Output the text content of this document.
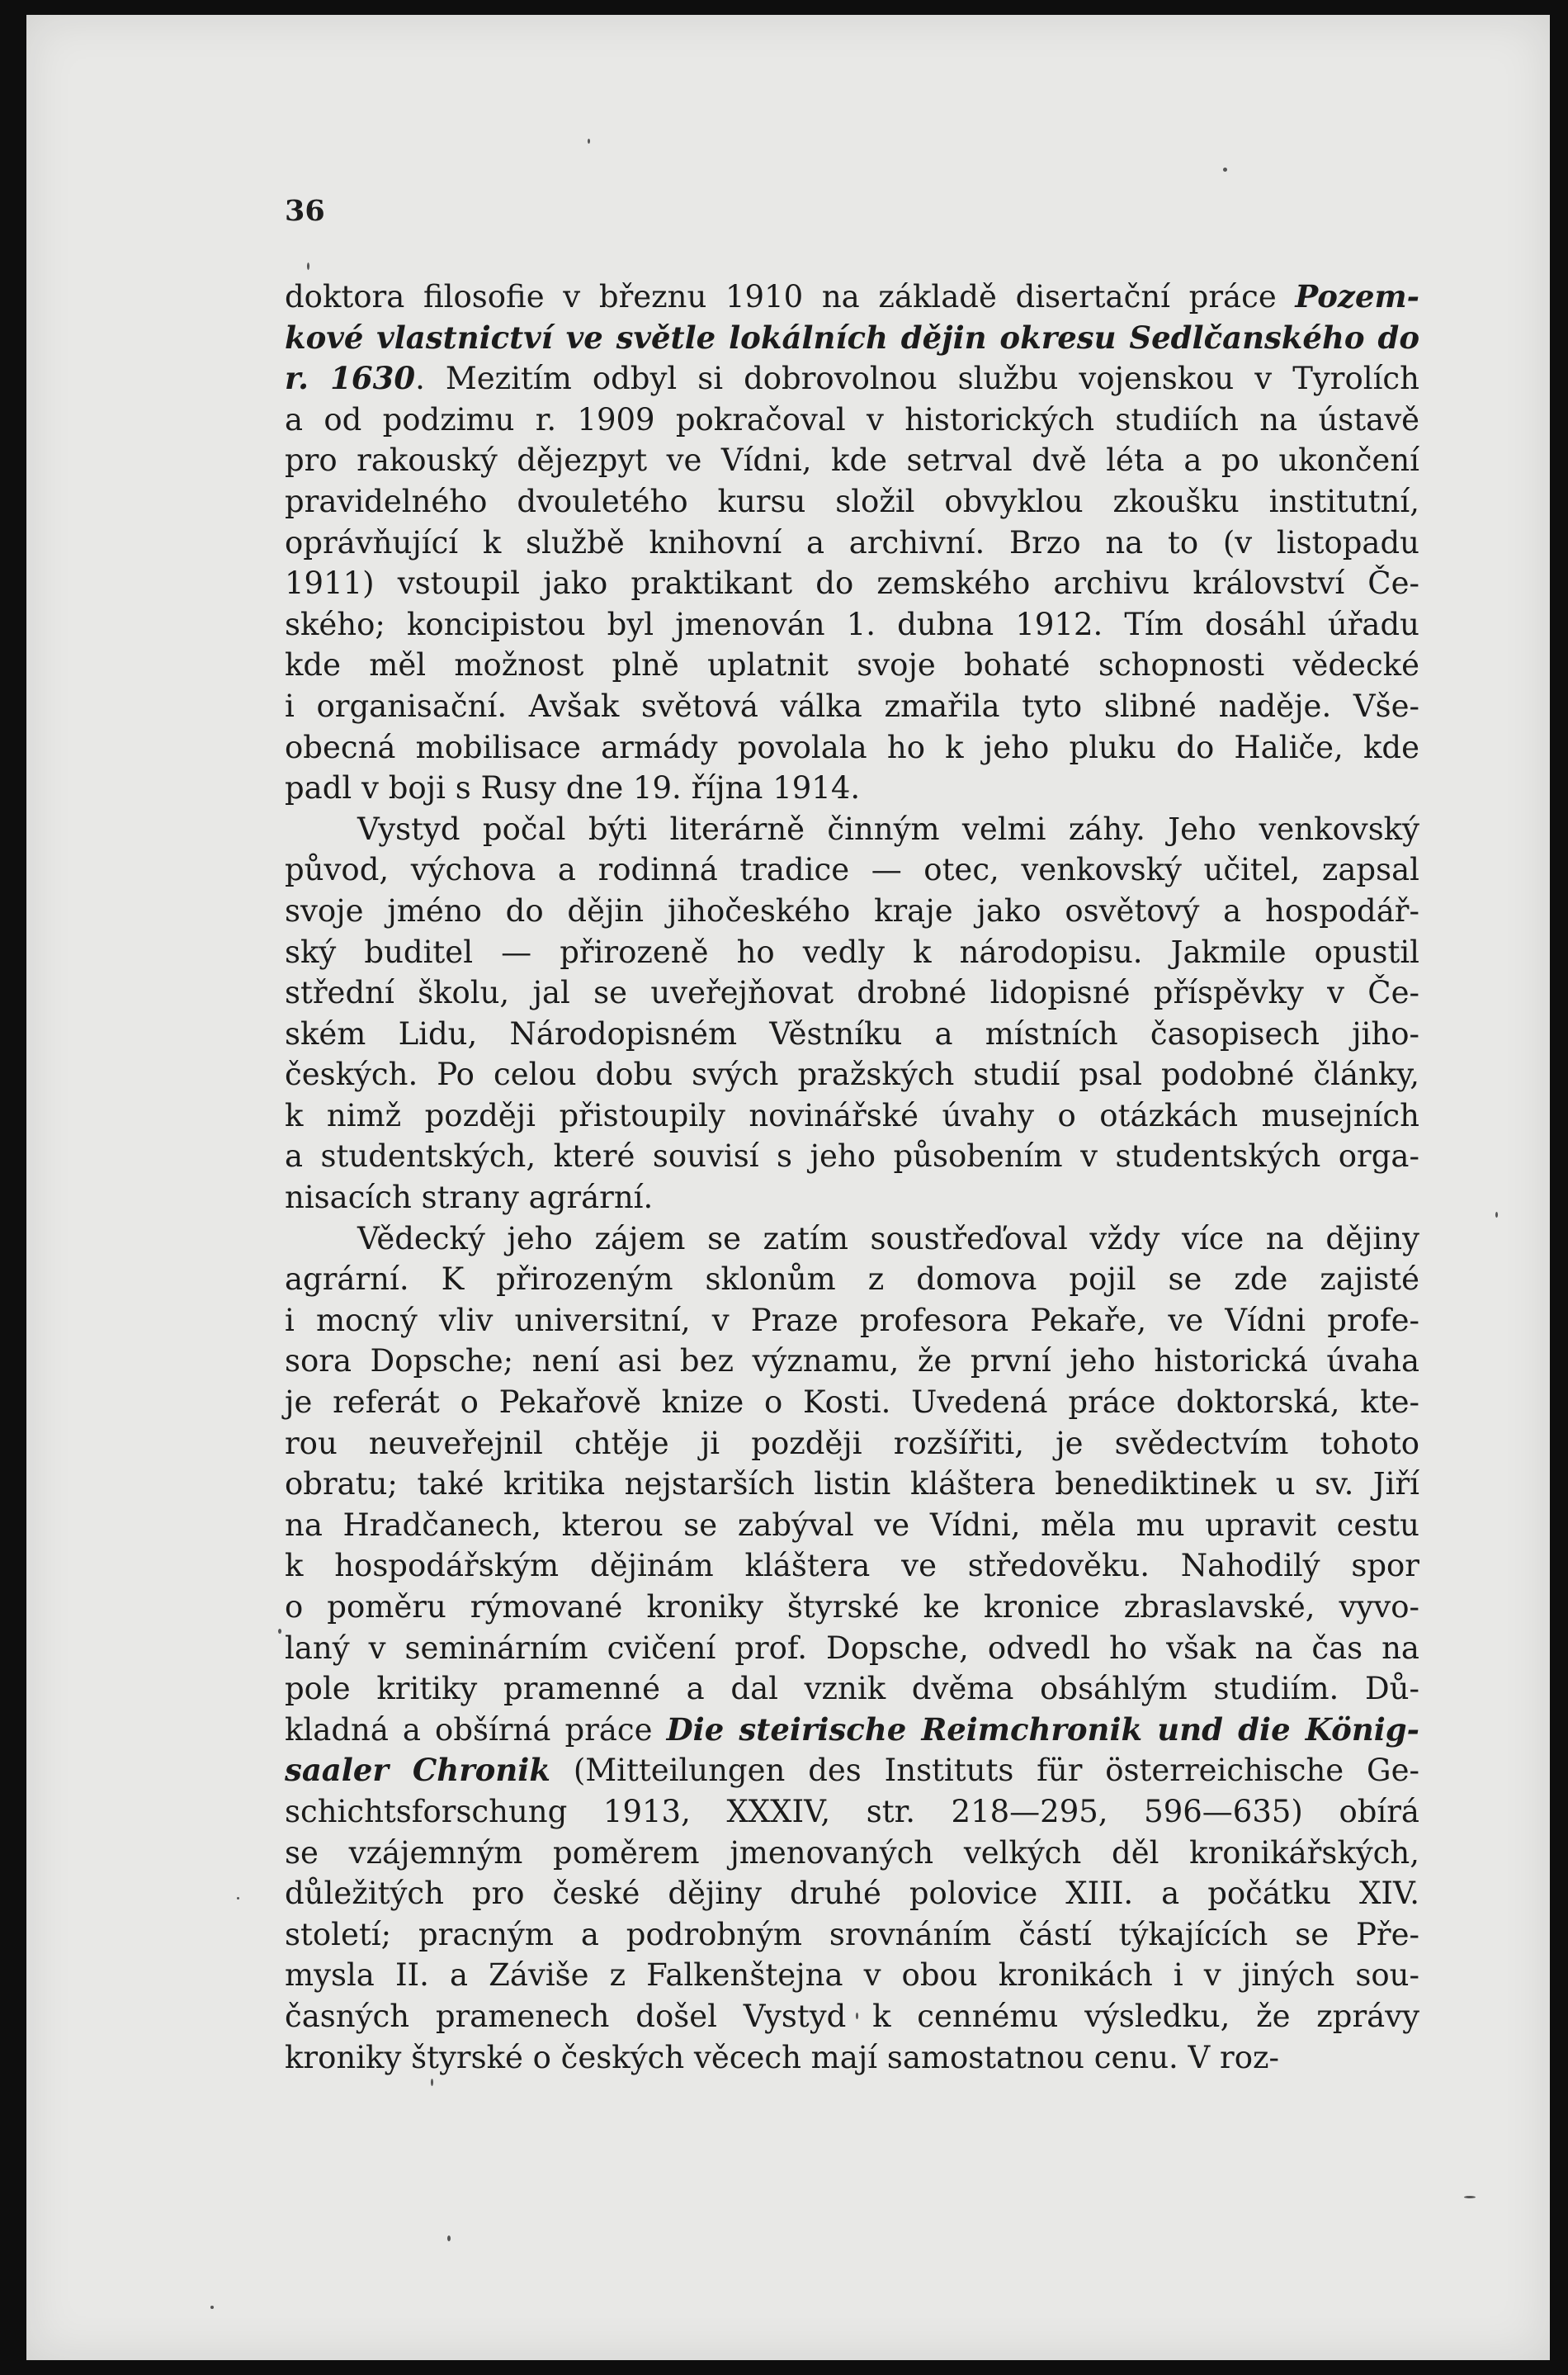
36
doktora filosofie v březnu 1910 na základě disertační práce Pozem-
kové vlastnictví ve světle lokálních dějin okresu Sedlčanského do
r. 1630. Mezitím odbyl si dobrovolnou službu vojenskou v Tyrolích
a od podzimu r. 1909 pokračoval v historických studiích na ústavě
pro rakouský dějezpyt ve Vídni, kde setrval dvě léta a po ukončení
pravidelného dvouletého kursu složil obvyklou zkoušku institutní,
oprávňující k službě knihovní a archivní. Brzo na to (v listopadu
1911) vstoupil jako praktikant do zemského archivu království Če-
ského; koncipistou byl jmenován 1. dubna 1912. Tím dosáhl úřadu
kde měl možnost plně uplatnit svoje bohaté schopnosti vědecké
i organisační. Avšak světová válka zmařila tyto slibné naděje. Vše-
obecná mobilisace armády povolala ho k jeho pluku do Haliče, kde
padl v boji s Rusy dne 19. října 1914.
Vystyd počal býti literárně činným velmi záhy. Jeho venkovský
původ, výchova a rodinná tradice — otec, venkovský učitel, zapsal
svoje jméno do dějin jihočeského kraje jako osvětový a hospodář-
ský buditel — přirozeně ho vedly k národopisu. Jakmile opustil
střední školu, jal se uveřejňovat drobné lidopisné příspěvky v Če-
ském Lidu, Národopisném Věstníku a místních časopisech jiho-
českých. Po celou dobu svých pražských studií psal podobné články,
k nimž později přistoupily novinářské úvahy o otázkách musejních
a studentských, které souvisí s jeho působením v studentských orga-
nisacích strany agrární.
Vědecký jeho zájem se zatím soustřeďoval vždy více na dějiny
agrární. K přirozeným sklonům z domova pojil se zde zajisté
i mocný vliv universitní, v Praze profesora Pekaře, ve Vídni profe-
sora Dopsche; není asi bez významu, že první jeho historická úvaha
je referát o Pekařově knize o Kosti. Uvedená práce doktorská, kte-
rou neuveřejnil chtěje ji později rozšířiti, je svědectvím tohoto
obratu; také kritika nejstarších listin kláštera benediktinek u sv. Jiří
na Hradčanech, kterou se zabýval ve Vídni, měla mu upravit cestu
k hospodářským dějinám kláštera ve středověku. Nahodilý spor
o poměru rýmované kroniky štyrské ke kronice zbraslavské, vyvo-
laný v seminárním cvičení prof. Dopsche, odvedl ho však na čas na
pole kritiky pramenné a dal vznik dvěma obsáhlým studiím. Dů-
kladná a obšírná práce Die steirische Reimchronik und die König-
saaler Chronik (Mitteilungen des Instituts für österreichische Ge-
schichtsforschung 1913, XXXIV, str. 218—295, 596—635) obírá
se vzájemným poměrem jmenovaných velkých děl kronikářských,
důležitých pro české dějiny druhé polovice XIII. a počátku XIV.
století; pracným a podrobným srovnáním částí týkajících se Pře-
mysla II. a Záviše z Falkenštejna v obou kronikách i v jiných sou-
časných pramenech došel Vystyd k cennému výsledku, že zprávy
kroniky štyrské o českých věcech mají samostatnou cenu. V roz-
